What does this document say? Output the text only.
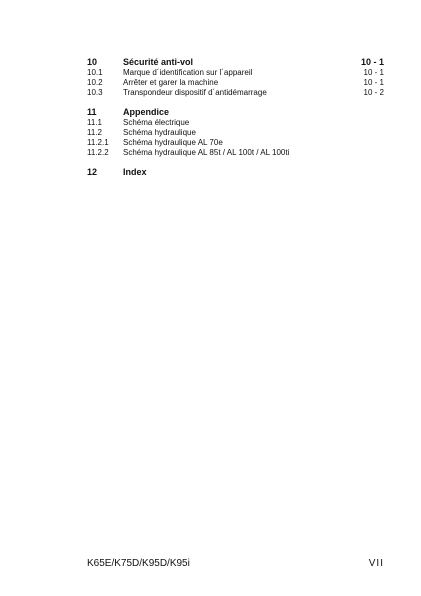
10	Sécurité anti-vol	10 - 1
10.1	Marque d´identification sur l´appareil	10 - 1
10.2	Arrêter et garer la machine	10 - 1
10.3	Transpondeur dispositif d´antidémarrage	10 - 2
11	Appendice
11.1	Schéma électrique
11.2	Schéma hydraulique
11.2.1 Schéma hydraulique AL 70e
11.2.2 Schéma hydraulique AL 85t / AL 100t / AL 100ti
12	Index
K65E/K75D/K95D/K95i	VII
